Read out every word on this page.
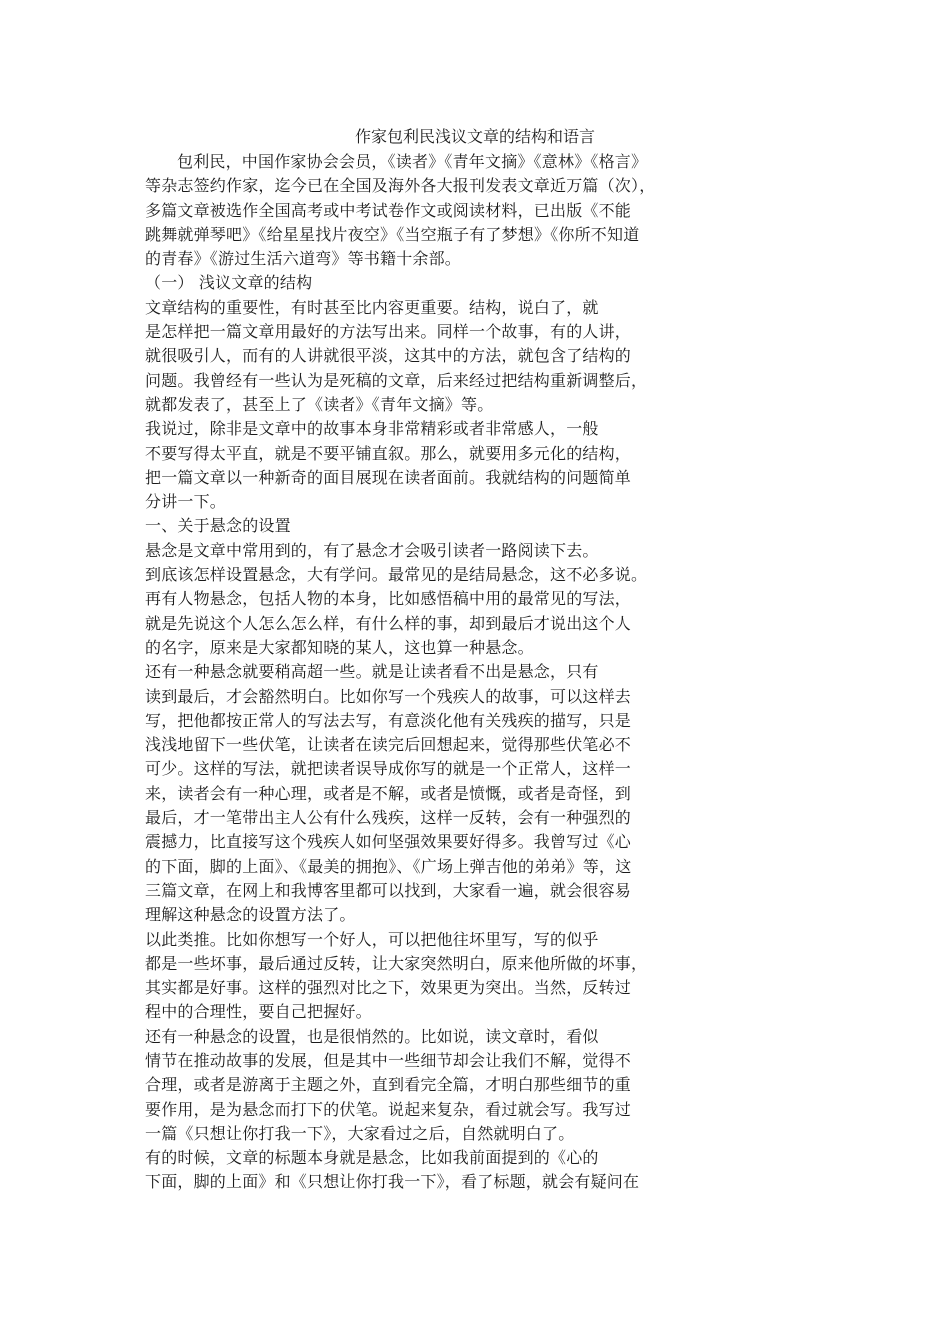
作家包利民浅议文章的结构和语言
包利民，中国作家协会会员，《读者》《青年文摘》《意林》《格言》
等杂志签约作家，迄今已在全国及海外各大报刊发表文章近万篇（次），
多篇文章被选作全国高考或中考试卷作文或阅读材料，已出版《不能
跳舞就弹琴吧》《给星星找片夜空》《当空瓶子有了梦想》《你所不知道
的青春》《游过生活六道弯》等书籍十余部。
（一） 浅议文章的结构
文章结构的重要性，有时甚至比内容更重要。结构，说白了，就
是怎样把一篇文章用最好的方法写出来。同样一个故事，有的人讲，
就很吸引人，而有的人讲就很平淡，这其中的方法，就包含了结构的
问题。我曾经有一些认为是死稿的文章，后来经过把结构重新调整后，
就都发表了，甚至上了《读者》《青年文摘》等。
我说过，除非是文章中的故事本身非常精彩或者非常感人，一般
不要写得太平直，就是不要平铺直叙。那么，就要用多元化的结构，
把一篇文章以一种新奇的面目展现在读者面前。我就结构的问题简单
分讲一下。
一、关于悬念的设置
悬念是文章中常用到的，有了悬念才会吸引读者一路阅读下去。
到底该怎样设置悬念，大有学问。最常见的是结局悬念，这不必多说。
再有人物悬念，包括人物的本身，比如感悟稿中用的最常见的写法，
就是先说这个人怎么怎么样，有什么样的事，却到最后才说出这个人
的名字，原来是大家都知晓的某人，这也算一种悬念。
还有一种悬念就要稍高超一些。就是让读者看不出是悬念，只有
读到最后，才会豁然明白。比如你写一个残疾人的故事，可以这样去
写，把他都按正常人的写法去写，有意淡化他有关残疾的描写，只是
浅浅地留下一些伏笔，让读者在读完后回想起来，觉得那些伏笔必不
可少。这样的写法，就把读者误导成你写的就是一个正常人，这样一
来，读者会有一种心理，或者是不解，或者是愤慨，或者是奇怪，到
最后，才一笔带出主人公有什么残疾，这样一反转，会有一种强烈的
震撼力，比直接写这个残疾人如何坚强效果要好得多。我曾写过《心
的下面，脚的上面》、《最美的拥抱》、《广场上弹吉他的弟弟》等，这
三篇文章，在网上和我博客里都可以找到，大家看一遍，就会很容易
理解这种悬念的设置方法了。
以此类推。比如你想写一个好人，可以把他往坏里写，写的似乎
都是一些坏事，最后通过反转，让大家突然明白，原来他所做的坏事，
其实都是好事。这样的强烈对比之下，效果更为突出。当然，反转过
程中的合理性，要自己把握好。
还有一种悬念的设置，也是很悄然的。比如说，读文章时，看似
情节在推动故事的发展，但是其中一些细节却会让我们不解，觉得不
合理，或者是游离于主题之外，直到看完全篇，才明白那些细节的重
要作用，是为悬念而打下的伏笔。说起来复杂，看过就会写。我写过
一篇《只想让你打我一下》，大家看过之后，自然就明白了。
有的时候，文章的标题本身就是悬念，比如我前面提到的《心的
下面，脚的上面》和《只想让你打我一下》，看了标题，就会有疑问在
